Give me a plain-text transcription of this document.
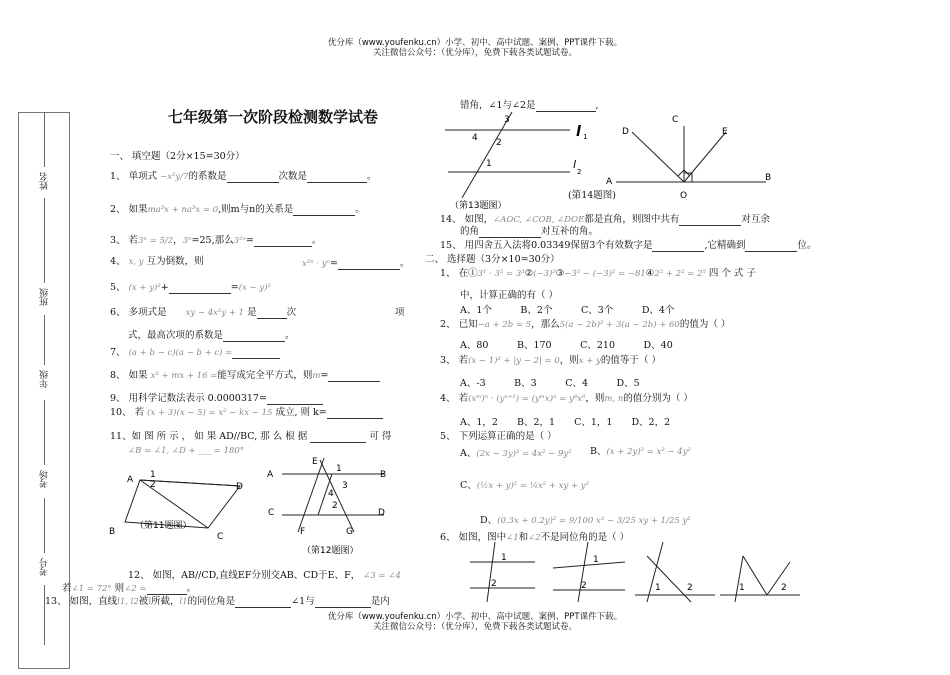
优分库（www.youfenku.cn）小学、初中、高中试题、案例、PPT课件下载。
关注微信公众号：（优分库），免费下载各类试题试卷。
姓名
班级
年级
考场
考号
七年级第一次阶段检测数学试卷
一、 填空题（2分×15=30分）
1、 单项式 −x²y/7的系数是	次数是	。
2、 如果ma³x + na³x = 0,则m与n的关系是	。
3、 若3ⁿ = 5/2，3ⁿ=25,那么3²ⁿ=	。
4、 x, y 互为倒数，则	x²ⁿ · yⁿ=	。
5、 (x + y)²+	=(x − y)²
6、 多项式是　　 xy − 4x²y + 1 是	次	项
式，最高次项的系数是	。
7、 (a + b − c)(a − b + c) =
8、 如果 x² + mx + 16 =能写成完全平方式，则m=
9、 用科学记数法表示 0.0000317=
10、 若 (x + 3)(x − 5) = x² − kx − 15 成立, 则 k=
11、如 图 所 示 ， 如 果 AD//BC, 那 么 根 据	可 得
∠B = ∠1, ∠D + ___ = 180°
A
D
B	C
1
2
（第11题图）
A	B
C	D
E
F	G
1
2
3
4
（第12题图）
12、 如图，AB//CD,直线EF分别交AB、CD于E、F， ∠3 = ∠4
若∠1 = 72° 则∠2 =	。
13、 如图，直线l1, l2被l所截，l1的同位角是	∠1与	是内
错角，∠1与∠2是	,
l 1
l
2
3
4 2
1
（第13题图）
A	B
C
D	E
O
(第14题图)
14、 如图，∠AOC, ∠COB, ∠DOE都是直角，则图中共有	对互余
的角	对互补的角。
15、 用四舍五入法将0.03349保留3个有效数字是	,它精确到	位。
二、 选择题（3分×10=30分）
1、 在①3¹ · 3² = 3³②(−3)³③−3² − (−3)² = −81④2² + 2² = 2⁵ 四 个 式 子
中，计算正确的有（ ）
A、1个　　　	B、2个　　　	C、3个　　　	D、4个
2、 已知−a + 2b = 5，那么5(a − 2b)² + 3(a − 2b) + 60的值为（ ）
A、80　　　	B、170　　　	C、210　　　	D、40
3、 若(x − 1)² + |y − 2| = 0，则x + y的值等于（ ）
A、-3　　　	B、3　　　	C、4　　　	D、5
4、 若(xᵐ)ⁿ · (yⁿ⁺¹) = (yᵐx)ⁿ = y⁸x⁶，则m, n的值分别为（ ）
A、1，2　　 B、2，1　　 C、1，1　　 D、2，2
5、 下列运算正确的是（ ）
A、(2x − 3y)² = 4x² − 9y² B、(x + 2y)² = x² − 4y²
C、(½x + y)² = ¼x² + xy + y²
D、(0.3x + 0.2y)² = 9/100 x² − 3/25 xy + 1/25 y²
6、 如图，图中∠1和∠2不是同位角的是（ ）
1
2
1
2	1	2	1	2
优分库（www.youfenku.cn）小学、初中、高中试题、案例、PPT课件下载。
关注微信公众号：（优分库），免费下载各类试题试卷。
